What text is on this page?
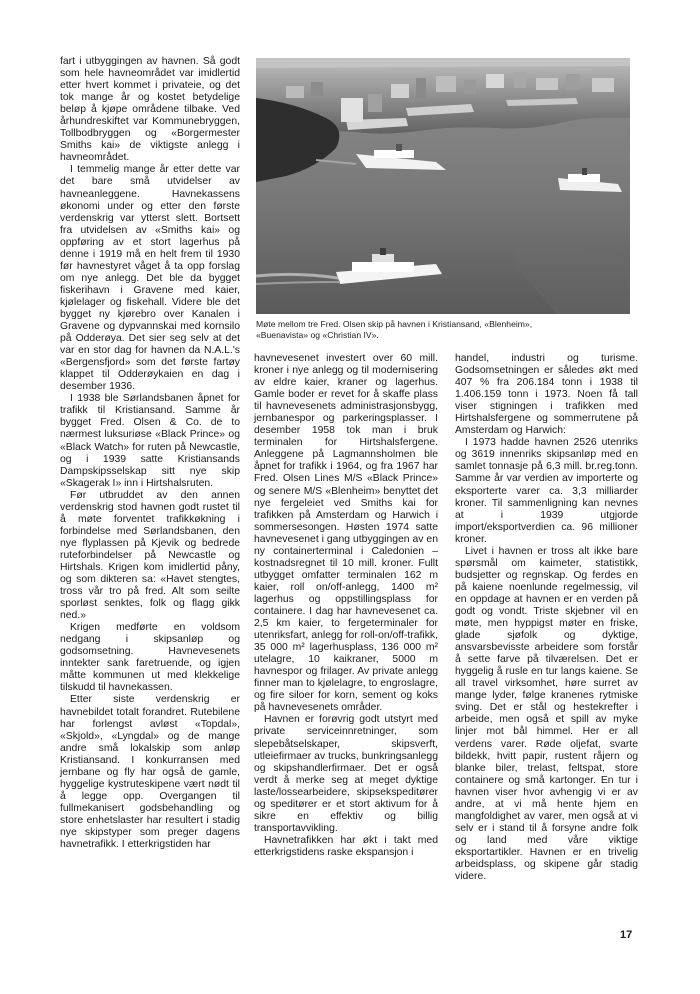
fart i utbyggingen av havnen. Så godt som hele havneområdet var imidlertid etter hvert kommet i privateie, og det tok mange år og kostet betydelige beløp å kjøpe områdene tilbake. Ved århundreskiftet var Kommunebryggen, Tollbodbryggen og «Borgermester Smiths kai» de viktigste anlegg i havneområdet.

I temmelig mange år etter dette var det bare små utvidelser av havneanleggene. Havnekassens økonomi under og etter den første verdenskrig var ytterst slett. Bortsett fra utvidelsen av «Smiths kai» og oppføring av et stort lagerhus på denne i 1919 må en helt frem til 1930 før havnestyret våget å ta opp forslag om nye anlegg. Det ble da bygget fiskerihavn i Gravene med kaier, kjølelager og fiskehall. Videre ble det bygget ny kjørebro over Kanalen i Gravene og dypvannskai med kornsilo på Odderøya. Det sier seg selv at det var en stor dag for havnen da N.A.L.'s «Bergensfjord» som det første fartøy klappet til Odderøykaien en dag i desember 1936.

I 1938 ble Sørlandsbanen åpnet for trafikk til Kristiansand. Samme år bygget Fred. Olsen & Co. de to nærmest luksuriøse «Black Prince» og «Black Watch» for ruten på Newcastle, og i 1939 satte Kristiansands Dampskipsselskap sitt nye skip «Skagerak I» inn i Hirtshalsruten.

Før utbruddet av den annen verdenskrig stod havnen godt rustet til å møte forventet trafikkøkning i forbindelse med Sørlandsbanen, den nye flyplassen på Kjevik og bedrede ruteforbindelser på Newcastle og Hirtshals. Krigen kom imidlertid påny, og som dikteren sa: «Havet stengtes, tross vår tro på fred. Alt som seilte sporløst senktes, folk og flagg gikk ned.»

Krigen medførte en voldsom nedgang i skipsanløp og godsomsetning. Havnevesenets inntekter sank faretruende, og igjen måtte kommunen ut med klekkelige tilskudd til havnekassen.

Etter siste verdenskrig er havnebildet totalt forandret. Rutebilene har forlengst avløst «Topdal», «Skjold», «Lyngdal» og de mange andre små lokalskip som anløp Kristiansand. I konkurransen med jernbane og fly har også de gamle, hyggelige kystruteskipene vært nødt til å legge opp. Overgangen til fullmekanisert godsbehandling og store enhetslaster har resultert i stadig nye skipstyper som preger dagens havnetrafikk. I etterkrigstiden har

Møte mellom tre Fred. Olsen skip på havnen i Kristiansand, «Blenheim»,
«Buenavista» og «Christian IV».

havnevesenet investert over 60 mill. kroner i nye anlegg og til modernisering av eldre kaier, kraner og lagerhus. Gamle boder er revet for å skaffe plass til havnevesenets administrasjonsbygg, jernbanespor og parkeringsplasser. I desember 1958 tok man i bruk terminalen for Hirtshalsfergene. Anleggene på Lagmannsholmen ble åpnet for trafikk i 1964, og fra 1967 har Fred. Olsen Lines M/S «Black Prince» og senere M/S «Blenheim» benyttet det nye fergeleiet ved Smiths kai for trafikken på Amsterdam og Harwich i sommersesongen. Høsten 1974 satte havnevesenet i gang utbyggingen av en ny containerterminal i Caledonien – kostnadsregnet til 10 mill. kroner. Fullt utbygget omfatter terminalen 162 m kaier, roll on/off-anlegg, 1400 m² lagerhus og oppstillingsplass for containere. I dag har havnevesenet ca. 2,5 km kaier, to fergeterminaler for utenriksfart, anlegg for roll-on/off-trafikk, 35 000 m² lagerhusplass, 136 000 m² utelagre, 10 kaikraner, 5000 m havnespor og frilager. Av private anlegg finner man to kjølelagre, to engroslagre, og fire siloer for korn, sement og koks på havnevesenets områder.

Havnen er forøvrig godt utstyrt med private serviceinnretninger, som slepebåtselskaper, skipsverft, utleiefirmaer av trucks, bunkringsanlegg og skipshandlerfirmaer. Det er også verdt å merke seg at meget dyktige laste/lossearbeidere, skipsekspeditører og speditører er et stort aktivum for å sikre en effektiv og billig transportavvikling.

Havnetrafikken har økt i takt med etterkrigstidens raske ekspansjon i

handel, industri og turisme. Godsomsetningen er således økt med 407 % fra 206.184 tonn i 1938 til 1.406.159 tonn i 1973. Noen få tall viser stigningen i trafikken med Hirtshalsfergene og sommerrutene på Amsterdam og Harwich:

I 1973 hadde havnen 2526 utenriks og 3619 innenriks skipsanløp med en samlet tonnasje på 6,3 mill. br.reg.tonn. Samme år var verdien av importerte og eksporterte varer ca. 3,3 milliarder kroner. Til sammenligning kan nevnes at i 1939 utgjorde import/eksportverdien ca. 96 millioner kroner.

Livet i havnen er tross alt ikke bare spørsmål om kaimeter, statistikk, budsjetter og regnskap. Og ferdes en på kaiene noenlunde regelmessig, vil en oppdage at havnen er en verden på godt og vondt. Triste skjebner vil en møte, men hyppigst møter en friske, glade sjøfolk og dyktige, ansvarsbevisste arbeidere som forstår å sette farve på tilværelsen. Det er hyggelig å rusle en tur langs kaiene. Se all travel virksomhet, høre surret av mange lyder, følge kranenes rytmiske sving. Det er stål og hestekrefter i arbeide, men også et spill av myke linjer mot bål himmel. Her er all verdens varer. Røde oljefat, svarte bildekk, hvitt papir, rustent råjern og blanke biler, trelast, feltspat, store containere og små kartonger. En tur i havnen viser hvor avhengig vi er av andre, at vi må hente hjem en mangfoldighet av varer, men også at vi selv er i stand til å forsyne andre folk og land med våre viktige eksportartikler. Havnen er en trivelig arbeidsplass, og skipene går stadig videre.

17
